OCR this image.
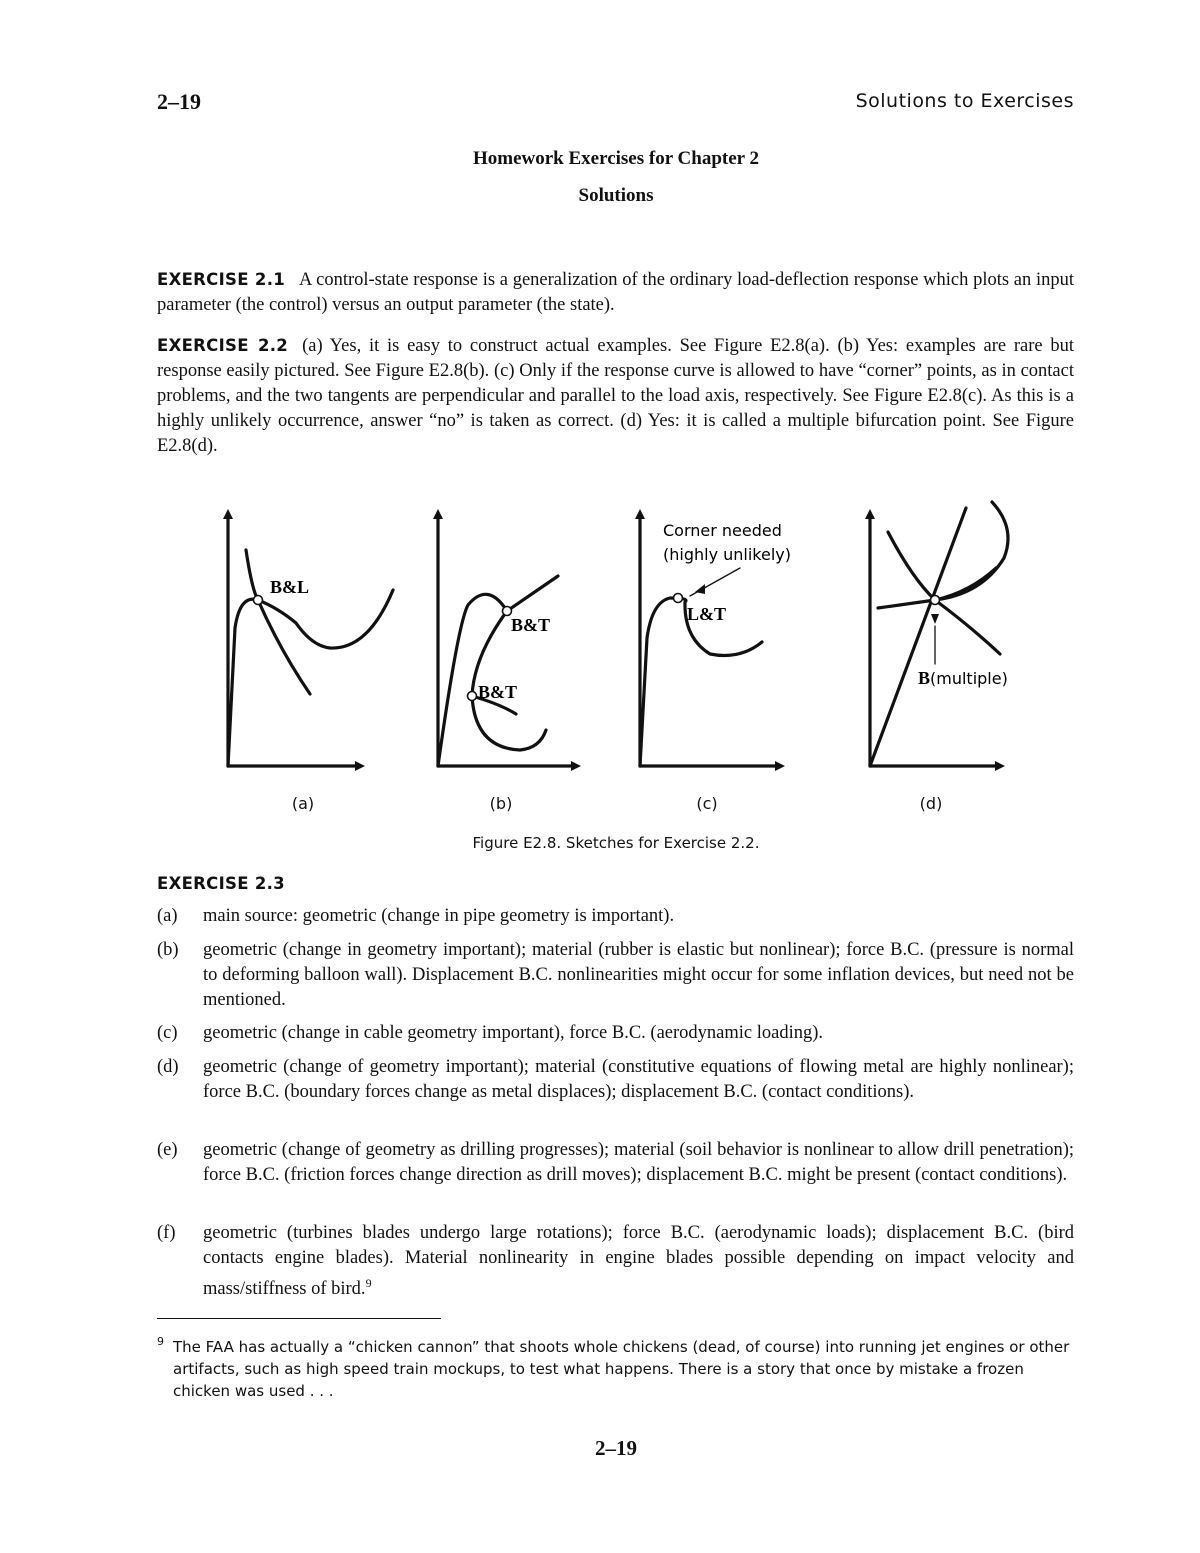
2–19	Solutions to Exercises
Homework Exercises for Chapter 2
Solutions
EXERCISE 2.1 A control-state response is a generalization of the ordinary load-deflection response which plots an input parameter (the control) versus an output parameter (the state).
EXERCISE 2.2 (a) Yes, it is easy to construct actual examples. See Figure E2.8(a). (b) Yes: examples are rare but response easily pictured. See Figure E2.8(b). (c) Only if the response curve is allowed to have “corner” points, as in contact problems, and the two tangents are perpendicular and parallel to the load axis, respectively. See Figure E2.8(c). As this is a highly unlikely occurrence, answer “no” is taken as correct. (d) Yes: it is called a multiple bifurcation point. See Figure E2.8(d).
B&L
B&T
B&T
Corner needed
(highly unlikely)
L&T
B(multiple)
(a)	(b)	(c)	(d)
Figure E2.8. Sketches for Exercise 2.2.
EXERCISE 2.3
(a) main source: geometric (change in pipe geometry is important).
(b) geometric (change in geometry important); material (rubber is elastic but nonlinear); force B.C. (pressure is normal to deforming balloon wall). Displacement B.C. nonlinearities might occur for some inflation devices, but need not be mentioned.
(c) geometric (change in cable geometry important), force B.C. (aerodynamic loading).
(d) geometric (change of geometry important); material (constitutive equations of flowing metal are highly nonlinear); force B.C. (boundary forces change as metal displaces); displacement B.C. (contact conditions).
(e) geometric (change of geometry as drilling progresses); material (soil behavior is nonlinear to allow drill penetration); force B.C. (friction forces change direction as drill moves); displacement B.C. might be present (contact conditions).
(f) geometric (turbines blades undergo large rotations); force B.C. (aerodynamic loads); displacement B.C. (bird contacts engine blades). Material nonlinearity in engine blades possible depending on impact velocity and mass/stiffness of bird.$^9$
9 The FAA has actually a “chicken cannon” that shoots whole chickens (dead, of course) into running jet engines or other artifacts, such as high speed train mockups, to test what happens. There is a story that once by mistake a frozen chicken was used . . .
2–19
